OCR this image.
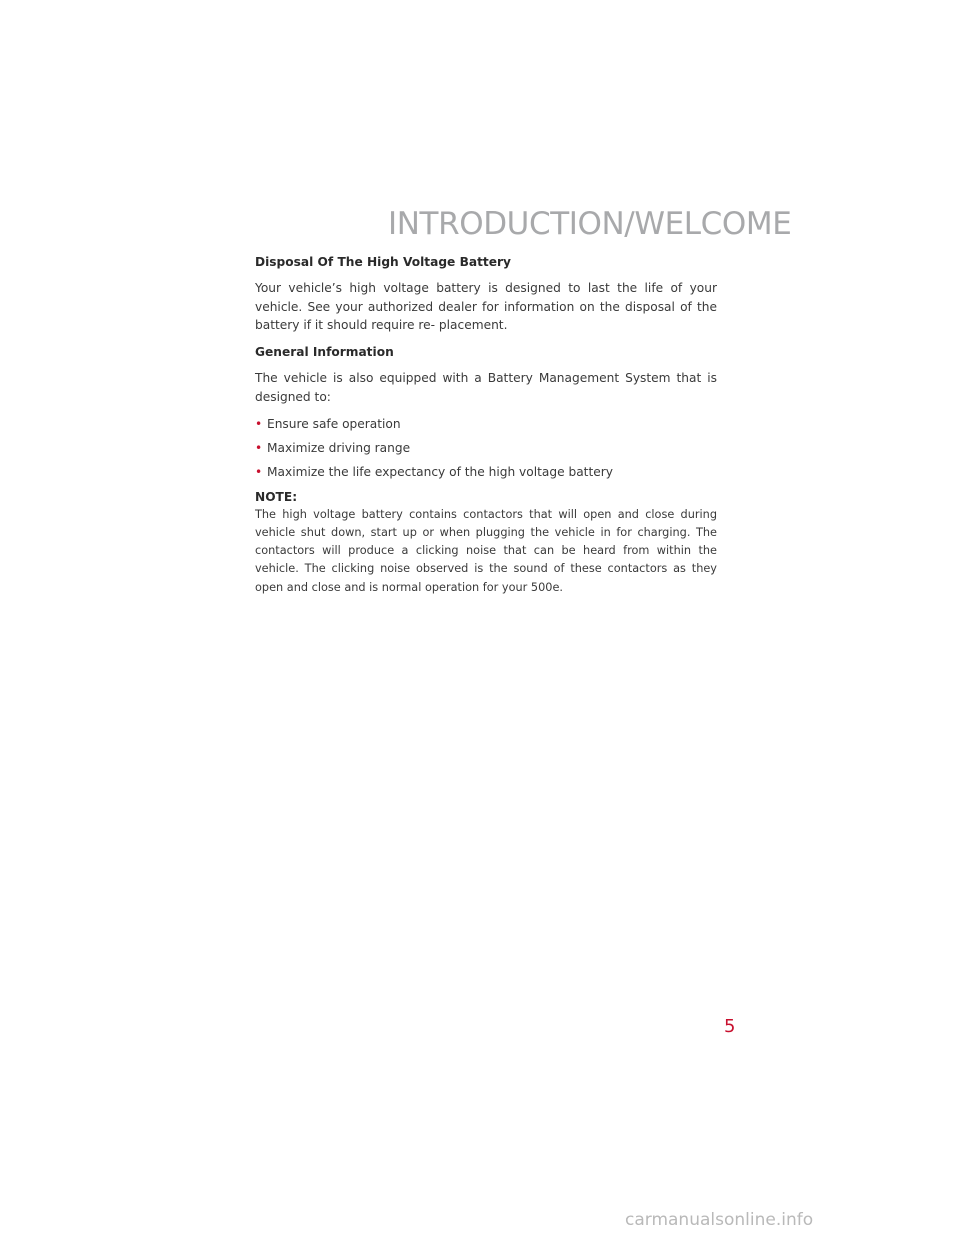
INTRODUCTION/WELCOME
Disposal Of The High Voltage Battery

Your vehicle’s high voltage battery is designed to last the life of your vehicle. See your authorized dealer for information on the disposal of the battery if it should require re- placement.

General Information

The vehicle is also equipped with a Battery Management System that is designed to:

• Ensure safe operation
• Maximize driving range
• Maximize the life expectancy of the high voltage battery
NOTE:

The high voltage battery contains contactors that will open and close during vehicle shut down, start up or when plugging the vehicle in for charging. The contactors will produce a clicking noise that can be heard from within the vehicle. The clicking noise observed is the sound of these contactors as they open and close and is normal operation for your 500e.

5
carmanualsonline.info
